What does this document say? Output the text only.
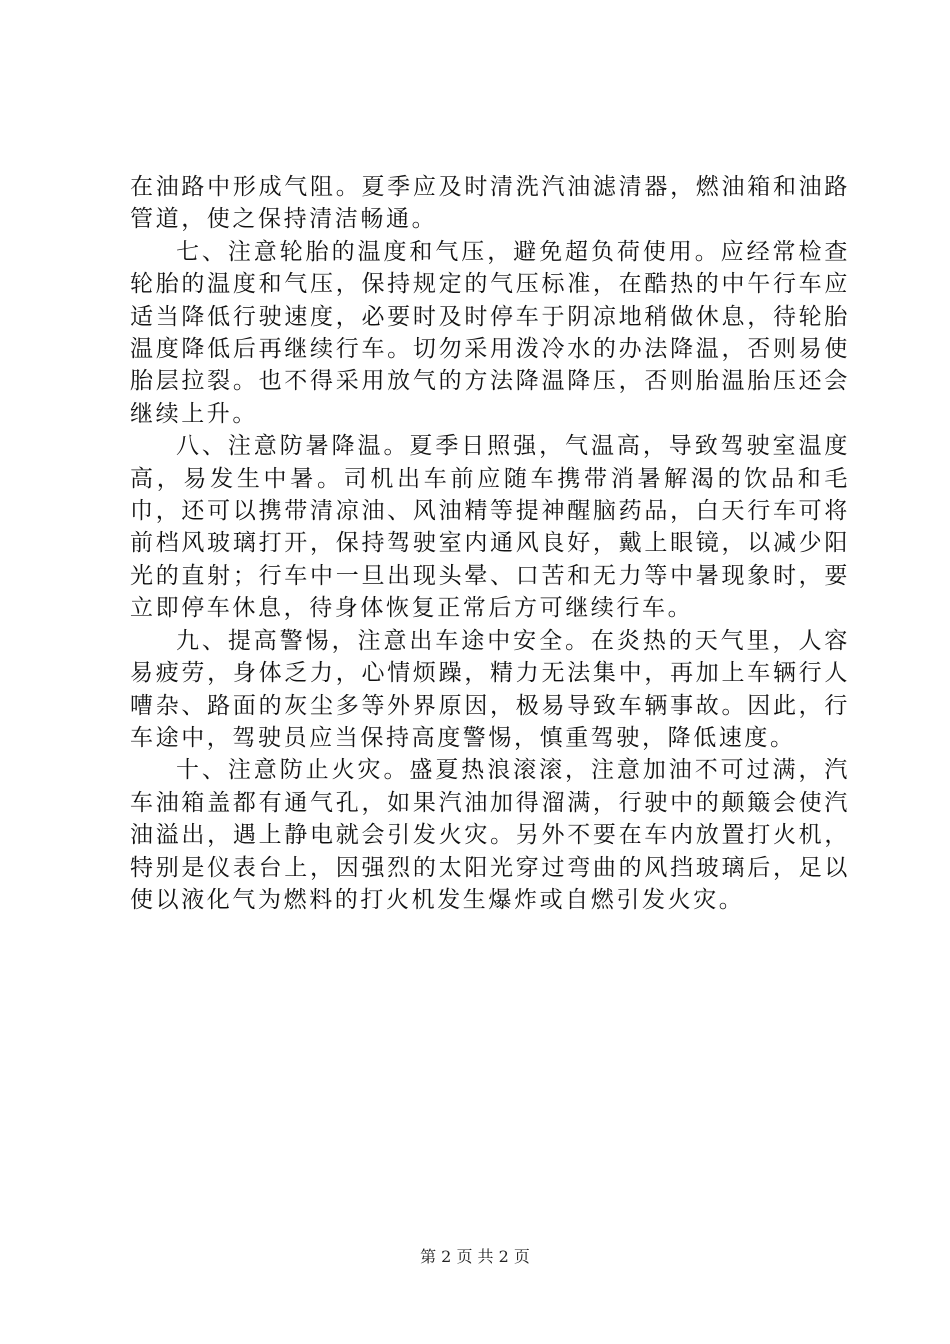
在油路中形成气阻。夏季应及时清洗汽油滤清器，燃油箱和油路管道，使之保持清洁畅通。

七、注意轮胎的温度和气压，避免超负荷使用。应经常检查轮胎的温度和气压，保持规定的气压标准，在酷热的中午行车应适当降低行驶速度，必要时及时停车于阴凉地稍做休息，待轮胎温度降低后再继续行车。切勿采用泼冷水的办法降温，否则易使胎层拉裂。也不得采用放气的方法降温降压，否则胎温胎压还会继续上升。

八、注意防暑降温。夏季日照强，气温高，导致驾驶室温度高，易发生中暑。司机出车前应随车携带消暑解渴的饮品和毛巾，还可以携带清凉油、风油精等提神醒脑药品，白天行车可将前档风玻璃打开，保持驾驶室内通风良好，戴上眼镜，以减少阳光的直射；行车中一旦出现头晕、口苦和无力等中暑现象时，要立即停车休息，待身体恢复正常后方可继续行车。

九、提高警惕，注意出车途中安全。在炎热的天气里，人容易疲劳，身体乏力，心情烦躁，精力无法集中，再加上车辆行人嘈杂、路面的灰尘多等外界原因，极易导致车辆事故。因此，行车途中，驾驶员应当保持高度警惕，慎重驾驶，降低速度。

十、注意防止火灾。盛夏热浪滚滚，注意加油不可过满，汽车油箱盖都有通气孔，如果汽油加得溜满，行驶中的颠簸会使汽油溢出，遇上静电就会引发火灾。另外不要在车内放置打火机，特别是仪表台上，因强烈的太阳光穿过弯曲的风挡玻璃后，足以使以液化气为燃料的打火机发生爆炸或自燃引发火灾。

第 2 页 共 2 页
